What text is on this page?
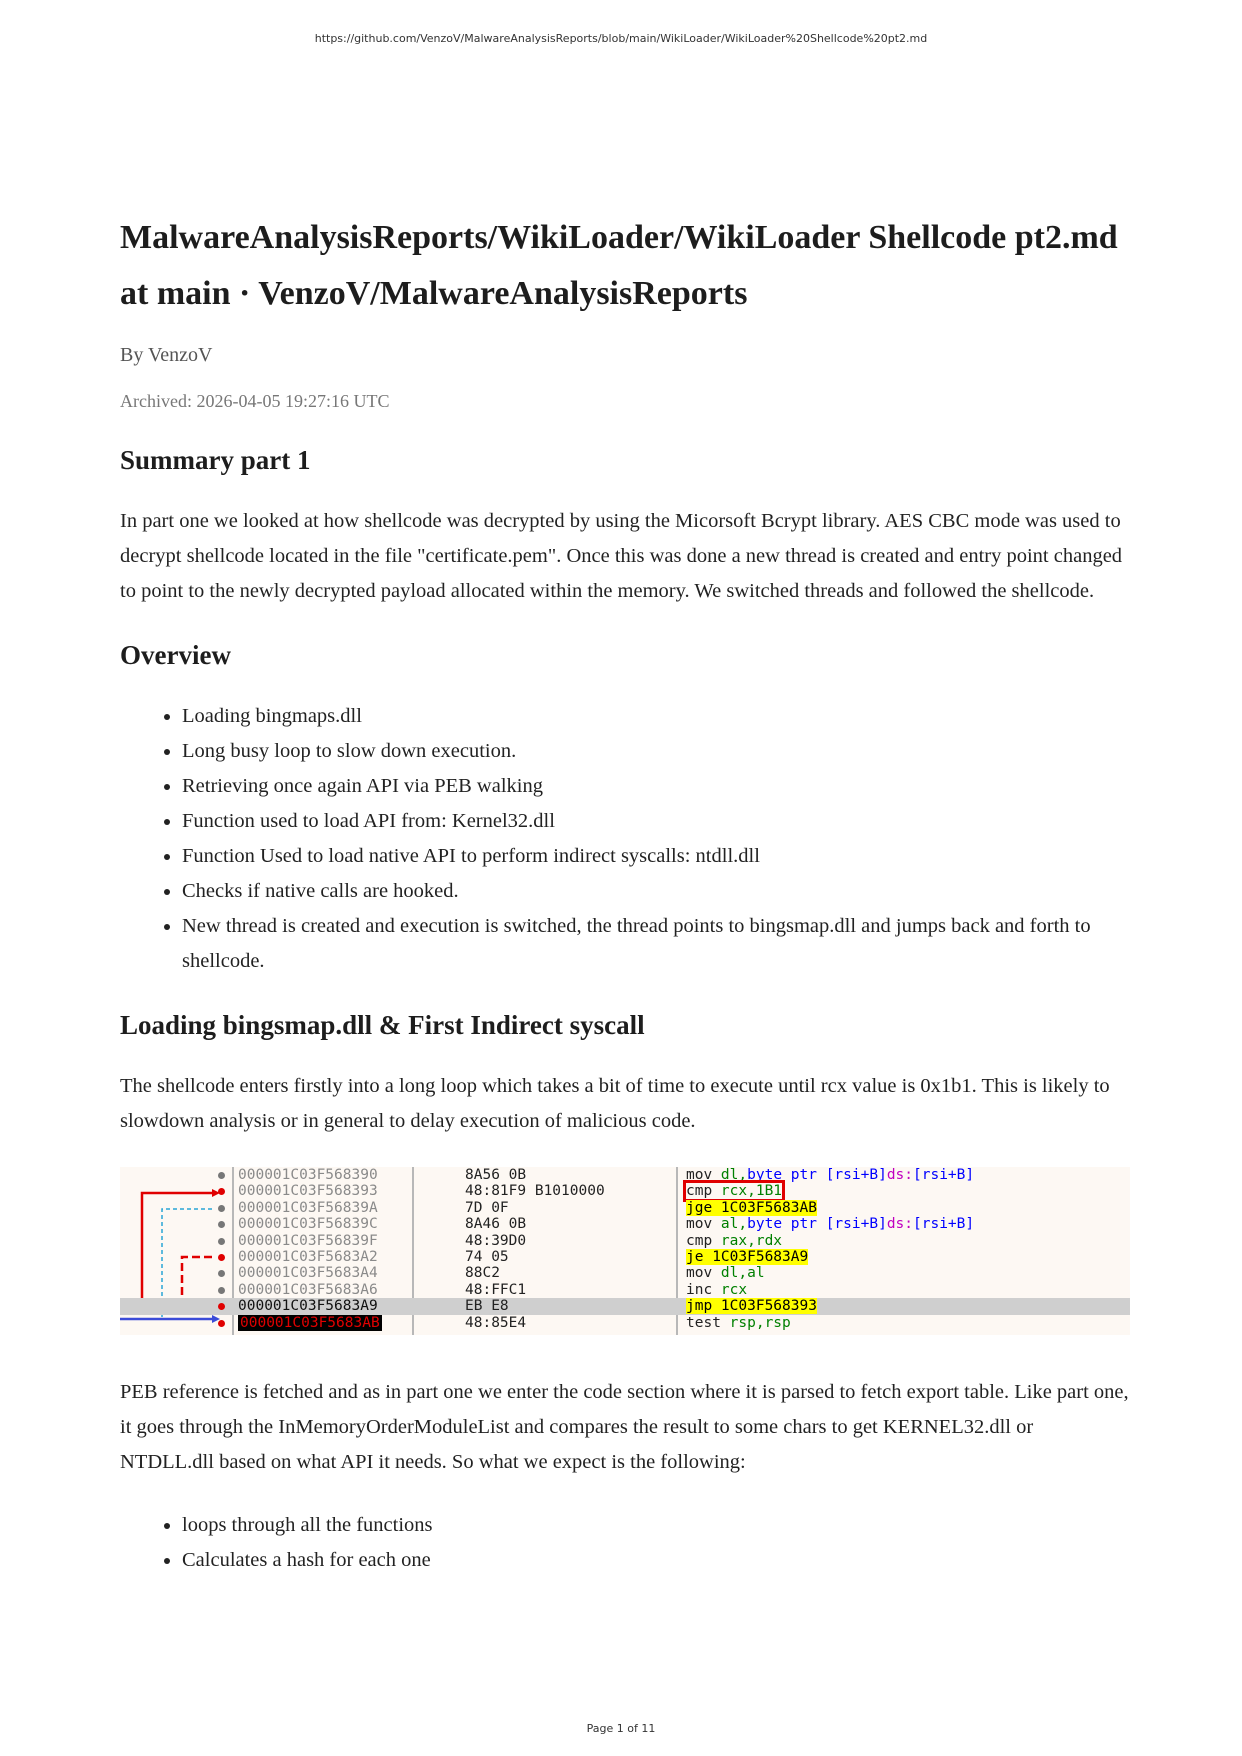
https://github.com/VenzoV/MalwareAnalysisReports/blob/main/WikiLoader/WikiLoader%20Shellcode%20pt2.md
MalwareAnalysisReports/WikiLoader/WikiLoader Shellcode pt2.md at main · VenzoV/MalwareAnalysisReports
By VenzoV
Archived: 2026-04-05 19:27:16 UTC
Summary part 1

In part one we looked at how shellcode was decrypted by using the Micorsoft Bcrypt library. AES CBC mode was used to decrypt shellcode located in the file "certificate.pem". Once this was done a new thread is created and entry point changed to point to the newly decrypted payload allocated within the memory. We switched threads and followed the shellcode.

Overview
• Loading bingmaps.dll
• Long busy loop to slow down execution.
• Retrieving once again API via PEB walking
• Function used to load API from: Kernel32.dll
• Function Used to load native API to perform indirect syscalls: ntdll.dll
• Checks if native calls are hooked.
• New thread is created and execution is switched, the thread points to bingsmap.dll and jumps back and forth to shellcode.
Loading bingsmap.dll & First Indirect syscall

The shellcode enters firstly into a long loop which takes a bit of time to execute until rcx value is 0x1b1. This is likely to slowdown analysis or in general to delay execution of malicious code.

000001C03F568390	8A56 0B	mov dl,byte ptr [rsi+B]ds:[rsi+B]
000001C03F568393	48:81F9 B1010000	cmp rcx,1B1
000001C03F56839A	7D 0F	jge 1C03F5683AB
000001C03F56839C	8A46 0B	mov al,byte ptr [rsi+B]ds:[rsi+B]
000001C03F56839F	48:39D0	cmp rax,rdx
000001C03F5683A2	74 05	je 1C03F5683A9
000001C03F5683A4	88C2	mov dl,al
000001C03F5683A6	48:FFC1	inc rcx
000001C03F5683A9	EB E8	jmp 1C03F568393
000001C03F5683AB	48:85E4	test rsp,rsp

PEB reference is fetched and as in part one we enter the code section where it is parsed to fetch export table. Like part one, it goes through the InMemoryOrderModuleList and compares the result to some chars to get KERNEL32.dll or NTDLL.dll based on what API it needs. So what we expect is the following:

• loops through all the functions
• Calculates a hash for each one
Page 1 of 11
